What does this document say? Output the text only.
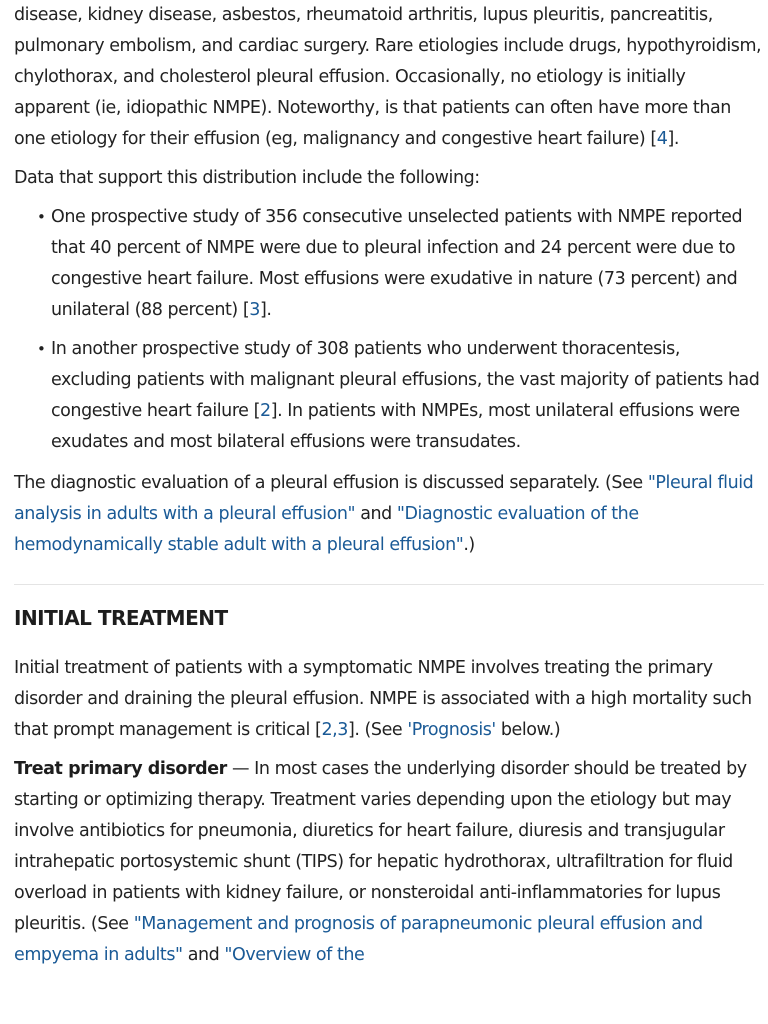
disease, kidney disease, asbestos, rheumatoid arthritis, lupus pleuritis, pancreatitis, pulmonary embolism, and cardiac surgery. Rare etiologies include drugs, hypothyroidism, chylothorax, and cholesterol pleural effusion. Occasionally, no etiology is initially apparent (ie, idiopathic NMPE). Noteworthy, is that patients can often have more than one etiology for their effusion (eg, malignancy and congestive heart failure) [4].

Data that support this distribution include the following:

• One prospective study of 356 consecutive unselected patients with NMPE reported that 40 percent of NMPE were due to pleural infection and 24 percent were due to congestive heart failure. Most effusions were exudative in nature (73 percent) and unilateral (88 percent) [3].
• In another prospective study of 308 patients who underwent thoracentesis, excluding patients with malignant pleural effusions, the vast majority of patients had congestive heart failure [2]. In patients with NMPEs, most unilateral effusions were exudates and most bilateral effusions were transudates.

The diagnostic evaluation of a pleural effusion is discussed separately. (See "Pleural fluid analysis in adults with a pleural effusion" and "Diagnostic evaluation of the hemodynamically stable adult with a pleural effusion".)

INITIAL TREATMENT

Initial treatment of patients with a symptomatic NMPE involves treating the primary disorder and draining the pleural effusion. NMPE is associated with a high mortality such that prompt management is critical [2,3]. (See 'Prognosis' below.)

Treat primary disorder — In most cases the underlying disorder should be treated by starting or optimizing therapy. Treatment varies depending upon the etiology but may involve antibiotics for pneumonia, diuretics for heart failure, diuresis and transjugular intrahepatic portosystemic shunt (TIPS) for hepatic hydrothorax, ultrafiltration for fluid overload in patients with kidney failure, or nonsteroidal anti-inflammatories for lupus pleuritis. (See "Management and prognosis of parapneumonic pleural effusion and empyema in adults" and "Overview of the
